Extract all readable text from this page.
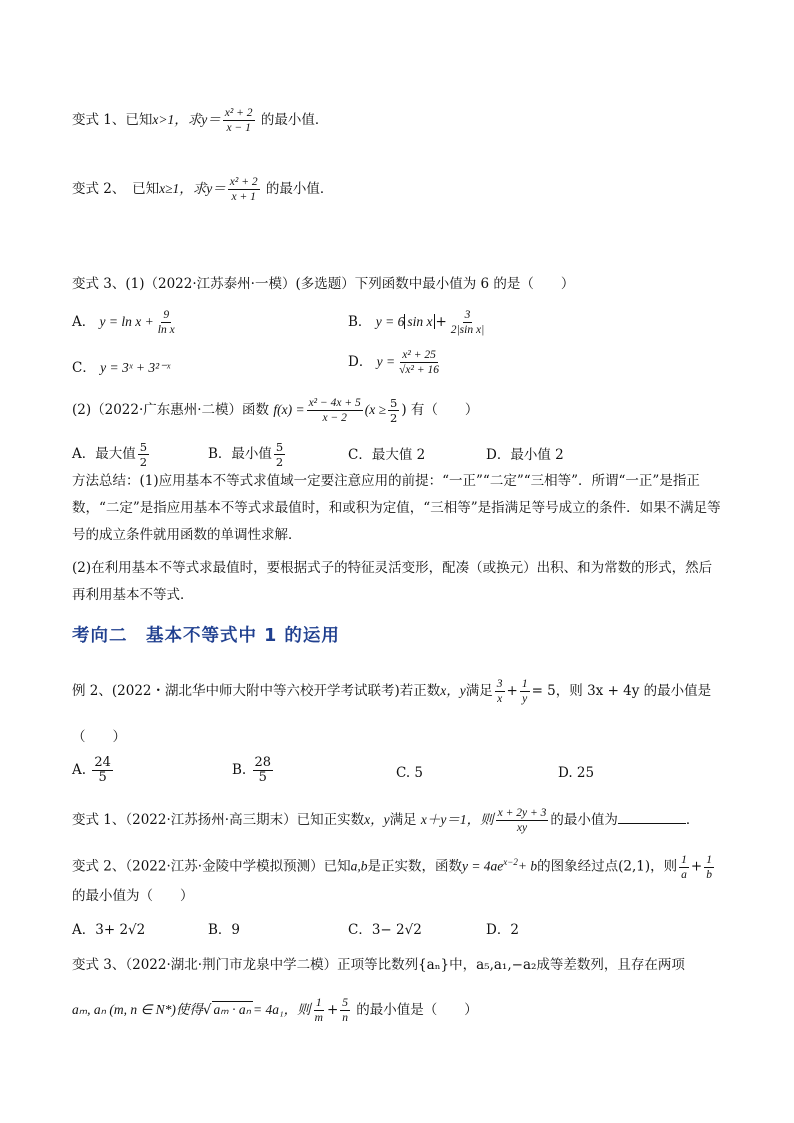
变式 1、已知x>1，求$y= \frac{\text{x² + 2}}{x - 1}$ 的最小值．
变式 2、　已知x≥1，求$y= \frac{\text{x² + 2}}{x + 1}$ 的最小值．
变式 3、(1)（2022·江苏泰州·一模）(多选题）下列函数中最小值为 6 的是（　　）
A． $y = \ln x + \frac{9}{\text{ln x}}$	B． y = 6 $\sin x + \frac{3}{\text{2|sin x|}}$
C． y = 3ˣ + 3²⁻ˣ	D． $y = \frac{\text{x² + 25}}{\text{√x² + 16}}$
(2)（2022·广东惠州·二模）函数 $f(x) = \frac{\text{x² − 4x + 5}}{x - 2} (x \ge \frac{5}{2}$ ) 有（　　）
A．最大值 $\frac{5}{2}$	B．最小值 $\frac{5}{2}$	C．最大值 2	D．最小值 2
方法总结：(1)应用基本不等式求值域一定要注意应用的前提：“一正”“二定”“三相等”．所谓“一正”是指正数，“二定”是指应用基本不等式求最值时，和或积为定值，“三相等”是指满足等号成立的条件．如果不满足等号的成立条件就用函数的单调性求解．
(2)在利用基本不等式求最值时，要根据式子的特征灵活变形，配凑（或换元）出积、和为常数的形式，然后再利用基本不等式．
考向二　基本不等式中 1 的运用
例 2、(2022・湖北华中师大附中等六校开学考试联考)若正数x，y满足 $\frac{3}{x} + \frac{1}{y} = 5$，则 3x + 4y 的最小值是
（　　）
A. $\frac{24}{5}$	B. $\frac{28}{5}$	C. 5	D. 25
变式 1、（2022·江苏扬州·高三期末）已知正实数x，y满足 x＋y＝1，则 $\frac{x + 2y + 3}{xy}$ 的最小值为	．
变式 2、（2022·江苏·金陵中学模拟预测）已知a,b是正实数，函数$y = 4ae^{x-2}+ b$的图象经过点(2,1)，则 $\frac{1}{a} + \frac{1}{b}$
的最小值为（　　）
A．3+ 2√2	B．9	C．3− 2√2	D．2
变式 3、（2022·湖北·荆门市龙泉中学二模）正项等比数列{aₙ}中，a₅,a₁,−a₂成等差数列，且存在两项
aₘ, aₙ (m, n ∈ N*)使得√ aₘ · aₙ = 4a₁，则 $\frac{1}{m} + \frac{5}{n}$ 的最小值是（　　）
